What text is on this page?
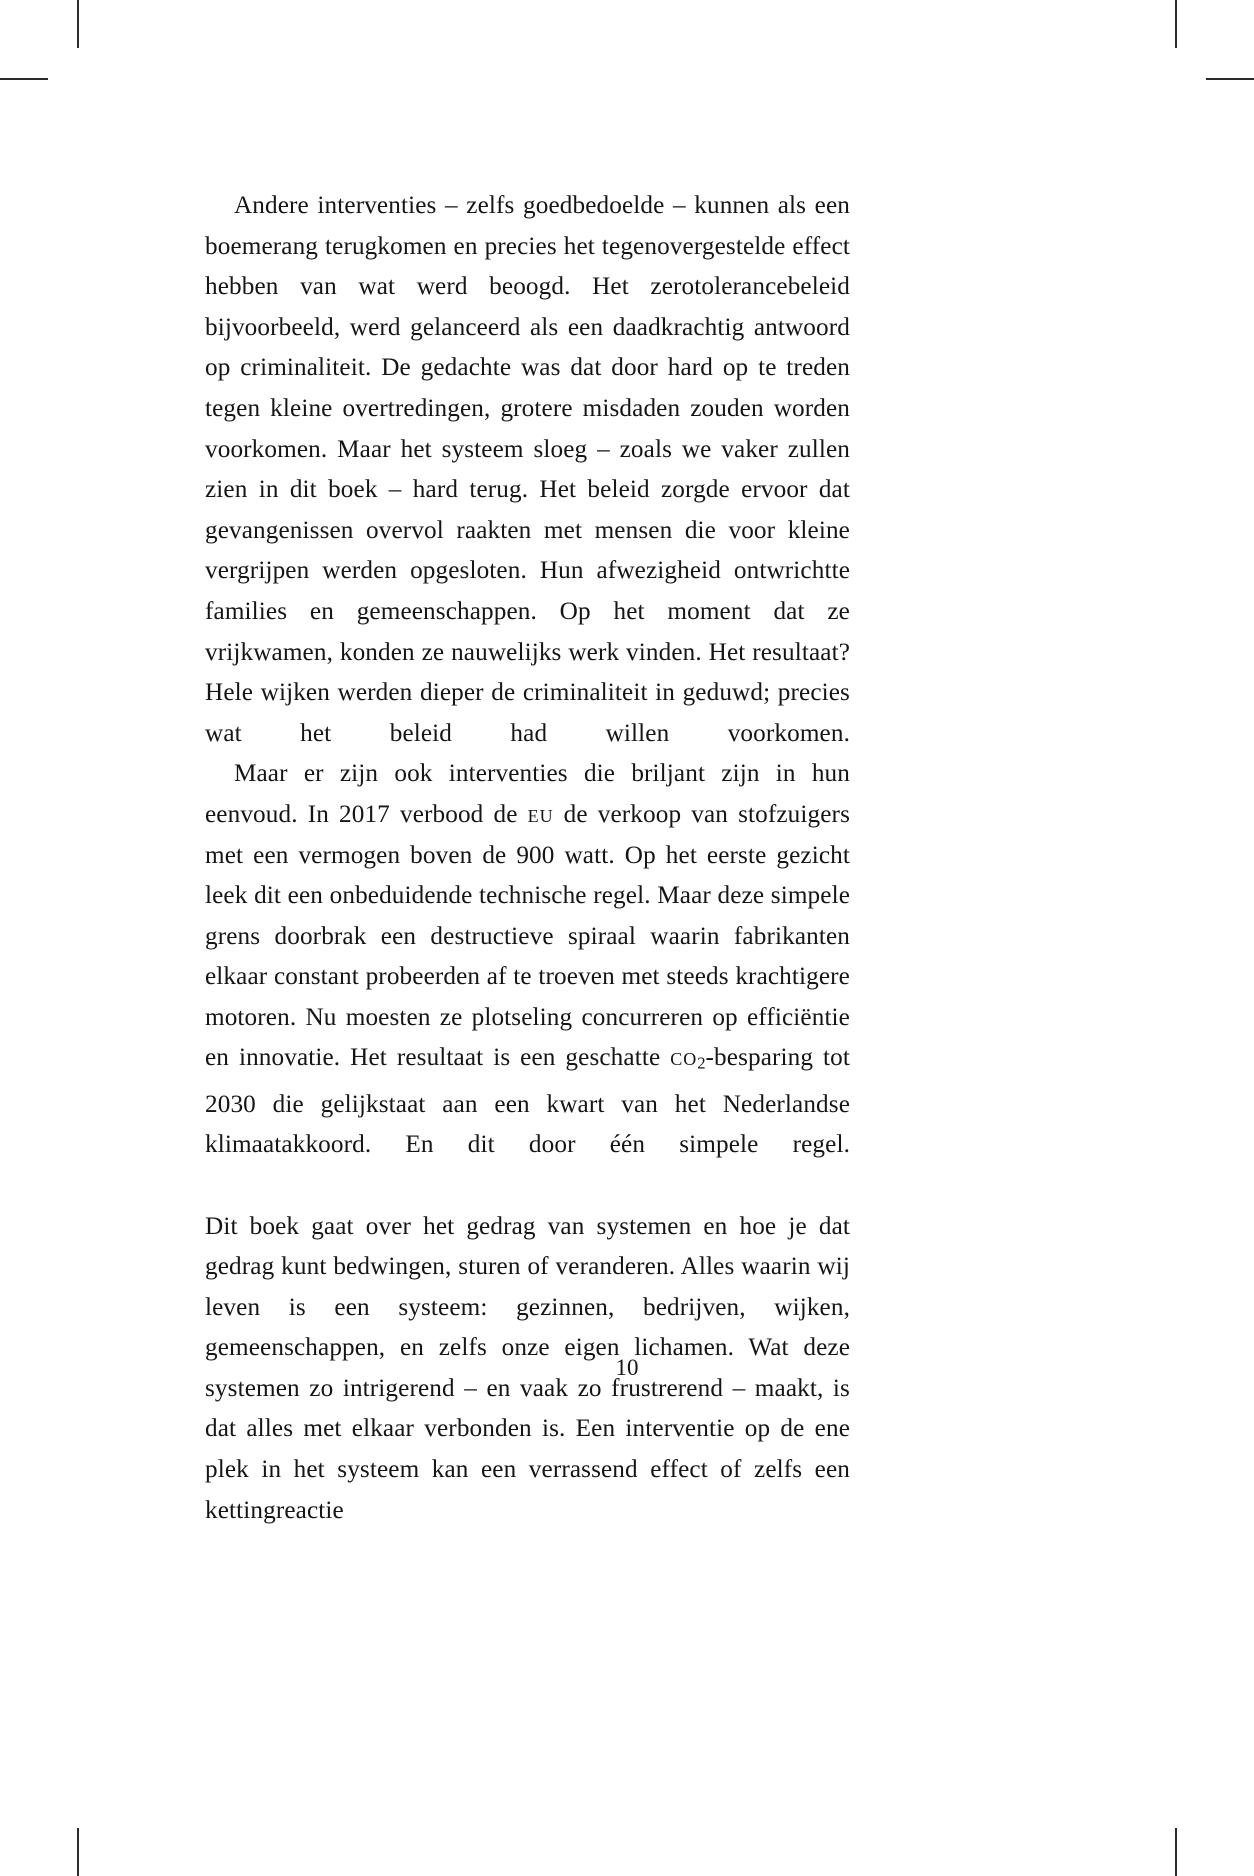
Andere interventies – zelfs goedbedoelde – kunnen als een boemerang terugkomen en precies het tegenovergestelde effect hebben van wat werd beoogd. Het zerotolerancebeleid bijvoorbeeld, werd gelanceerd als een daadkrachtig antwoord op criminaliteit. De gedachte was dat door hard op te treden tegen kleine overtredingen, grotere misdaden zouden worden voorkomen. Maar het systeem sloeg – zoals we vaker zullen zien in dit boek – hard terug. Het beleid zorgde ervoor dat gevangenissen overvol raakten met mensen die voor kleine vergrijpen werden opgesloten. Hun afwezigheid ontwrichtte families en gemeenschappen. Op het moment dat ze vrijkwamen, konden ze nauwelijks werk vinden. Het resultaat? Hele wijken werden dieper de criminaliteit in geduwd; precies wat het beleid had willen voorkomen.

Maar er zijn ook interventies die briljant zijn in hun eenvoud. In 2017 verbood de eu de verkoop van stofzuigers met een vermogen boven de 900 watt. Op het eerste gezicht leek dit een onbeduidende technische regel. Maar deze simpele grens doorbrak een destructieve spiraal waarin fabrikanten elkaar constant probeerden af te troeven met steeds krachtigere motoren. Nu moesten ze plotseling concurreren op efficiëntie en innovatie. Het resultaat is een geschatte $co_2$-besparing tot 2030 die gelijkstaat aan een kwart van het Nederlandse klimaatakkoord. En dit door één simpele regel.

Dit boek gaat over het gedrag van systemen en hoe je dat gedrag kunt bedwingen, sturen of veranderen. Alles waarin wij leven is een systeem: gezinnen, bedrijven, wijken, gemeenschappen, en zelfs onze eigen lichamen. Wat deze systemen zo intrigerend – en vaak zo frustrerend – maakt, is dat alles met elkaar verbonden is. Een interventie op de ene plek in het systeem kan een verrassend effect of zelfs een kettingreactie

10
